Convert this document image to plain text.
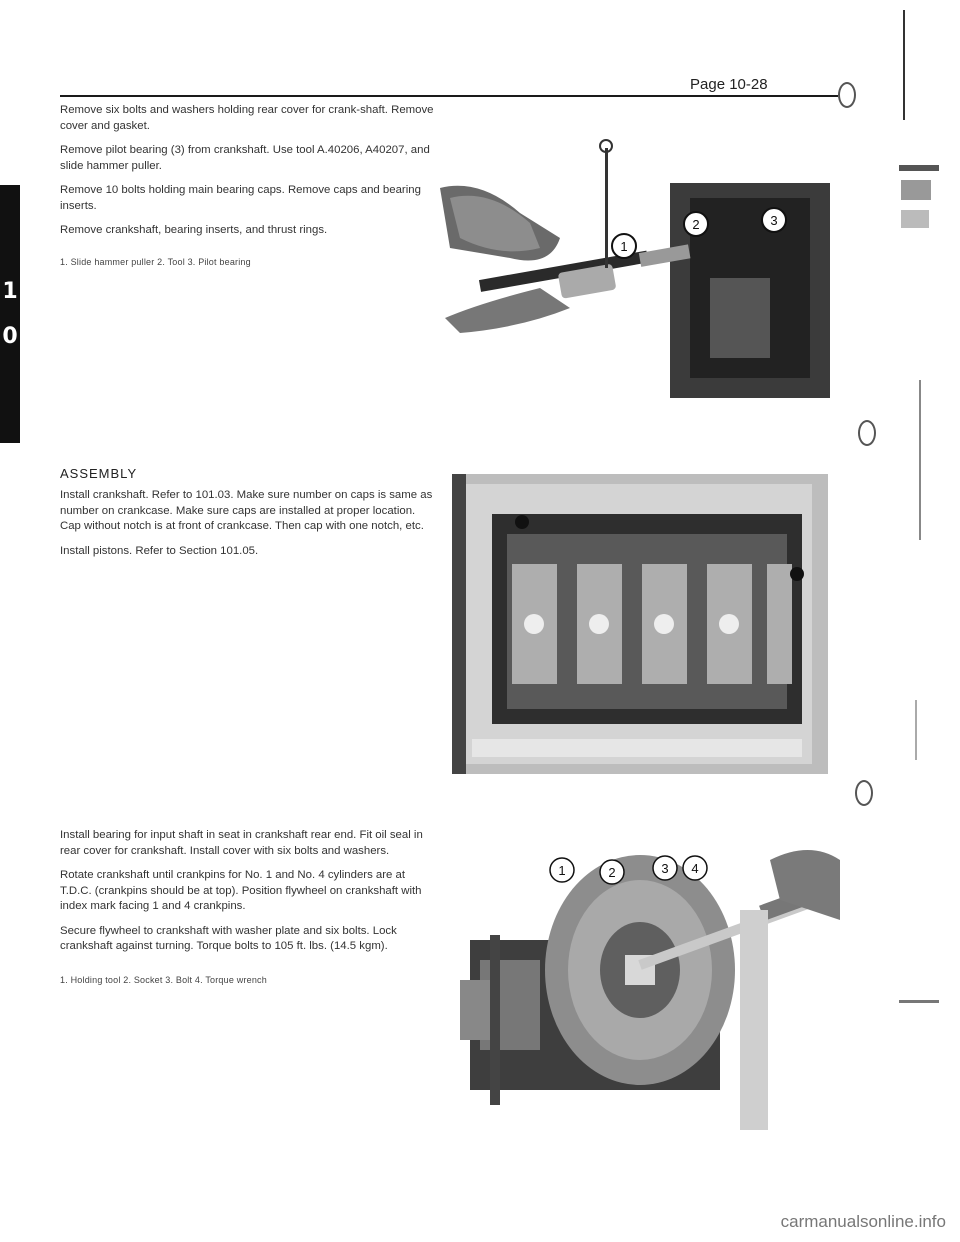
Page 10-28
1
0

Remove six bolts and washers holding rear cover for crank-shaft. Remove cover and gasket.

Remove pilot bearing (3) from crankshaft. Use tool A.40206, A40207, and slide hammer puller.

Remove 10 bolts holding main bearing caps. Remove caps and bearing inserts.

Remove crankshaft, bearing inserts, and thrust rings.

1. Slide hammer puller 2. Tool 3. Pilot bearing
1
2	3
ASSEMBLY

Install crankshaft. Refer to 101.03. Make sure number on caps is same as number on crankcase. Make sure caps are installed at proper location. Cap without notch is at front of crankcase. Then cap with one notch, etc.

Install pistons. Refer to Section 101.05.

Install bearing for input shaft in seat in crankshaft rear end. Fit oil seal in rear cover for crankshaft. Install cover with six bolts and washers.

Rotate crankshaft until crankpins for No. 1 and No. 4 cylinders are at T.D.C. (crankpins should be at top). Position flywheel on crankshaft with index mark facing 1 and 4 crankpins.

Secure flywheel to crankshaft with washer plate and six bolts. Lock crankshaft against turning. Torque bolts to 105 ft. lbs. (14.5 kgm).

1. Holding tool 2. Socket 3. Bolt 4. Torque wrench
1	2	3 4
carmanualsonline.info
